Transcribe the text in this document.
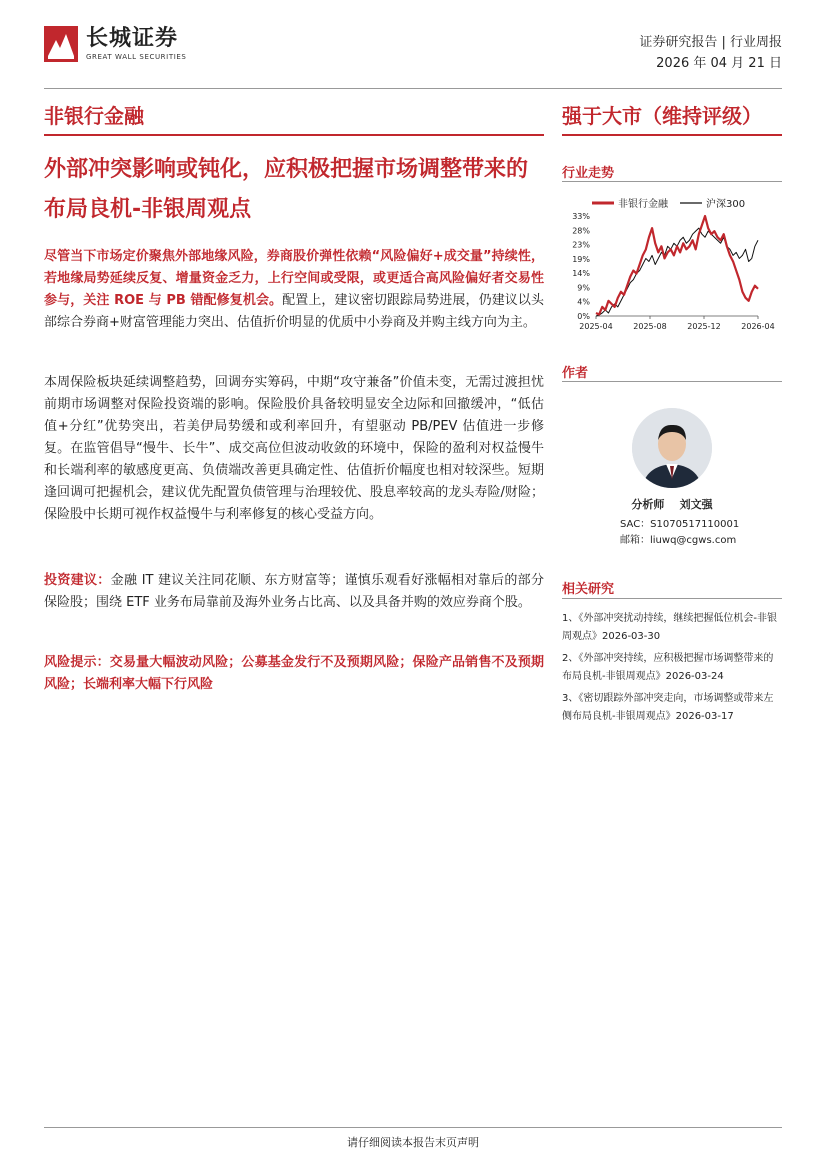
长城证券
GREAT WALL SECURITIES
证券研究报告 | 行业周报
2026 年 04 月 21 日
非银行金融	强于大市（维持评级）
外部冲突影响或钝化，应积极把握市场调整带来的布局良机-非银周观点
尽管当下市场定价聚焦外部地缘风险，券商股价弹性依赖“风险偏好+成交量”持续性，若地缘局势延续反复、增量资金乏力，上行空间或受限，或更适合高风险偏好者交易性参与，关注 ROE 与 PB 错配修复机会。配置上，建议密切跟踪局势进展，仍建议以头部综合券商+财富管理能力突出、估值折价明显的优质中小券商及并购主线方向为主。
本周保险板块延续调整趋势，回调夯实筹码，中期“攻守兼备”价值未变，无需过渡担忧前期市场调整对保险投资端的影响。保险股价具备较明显安全边际和回撤缓冲，“低估值+分红”优势突出，若美伊局势缓和或利率回升，有望驱动 PB/PEV 估值进一步修复。在监管倡导“慢牛、长牛”、成交高位但波动收敛的环境中，保险的盈利对权益慢牛和长端利率的敏感度更高、负债端改善更具确定性、估值折价幅度也相对较深些。短期逢回调可把握机会，建议优先配置负债管理与治理较优、股息率较高的龙头寿险/财险；保险股中长期可视作权益慢牛与利率修复的核心受益方向。
投资建议：金融 IT 建议关注同花顺、东方财富等；谨慎乐观看好涨幅相对靠后的部分保险股；围绕 ETF 业务布局靠前及海外业务占比高、以及具备并购的效应券商个股。
风险提示：交易量大幅波动风险；公募基金发行不及预期风险；保险产品销售不及预期风险；长端利率大幅下行风险
行业走势
非银行金融	沪深300
33%
28%
23%
19%
14%
9%
4%
0%
2025-04	2025-08	2025-12	2026-04
作者
分析师 刘文强
SAC：S1070517110001
邮箱：liuwq@cgws.com
相关研究
1、《外部冲突扰动持续，继续把握低位机会-非银周观点》2026-03-30
2、《外部冲突持续，应积极把握市场调整带来的布局良机-非银周观点》2026-03-24
3、《密切跟踪外部冲突走向，市场调整或带来左侧布局良机-非银周观点》2026-03-17
请仔细阅读本报告末页声明
